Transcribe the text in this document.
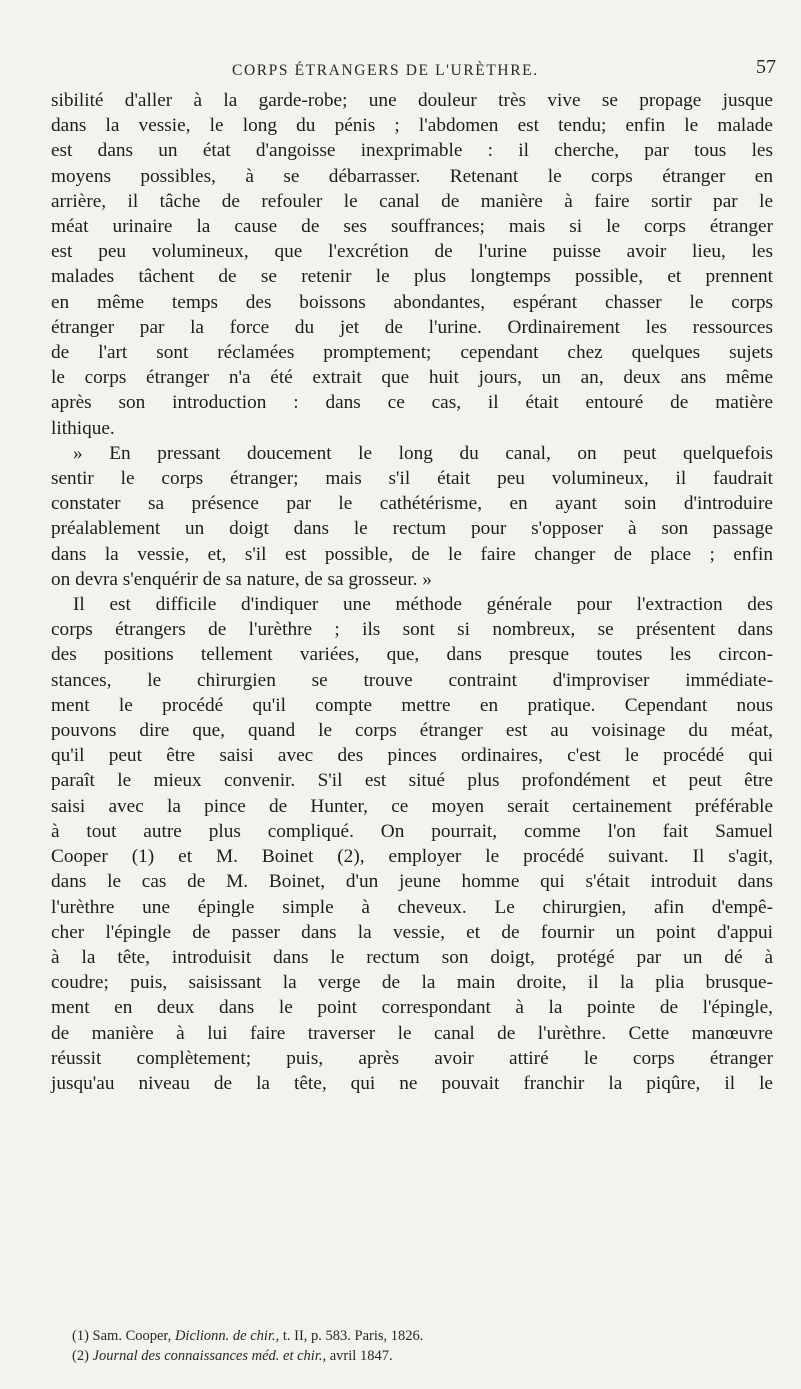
CORPS ÉTRANGERS DE L'URÈTHRE.	57
sibilité d'aller à la garde-robe; une douleur très vive se propage jusque
dans la vessie, le long du pénis ; l'abdomen est tendu; enfin le malade
est dans un état d'angoisse inexprimable : il cherche, par tous les
moyens possibles, à se débarrasser. Retenant le corps étranger en
arrière, il tâche de refouler le canal de manière à faire sortir par le
méat urinaire la cause de ses souffrances; mais si le corps étranger
est peu volumineux, que l'excrétion de l'urine puisse avoir lieu, les
malades tâchent de se retenir le plus longtemps possible, et prennent
en même temps des boissons abondantes, espérant chasser le corps
étranger par la force du jet de l'urine. Ordinairement les ressources
de l'art sont réclamées promptement; cependant chez quelques sujets
le corps étranger n'a été extrait que huit jours, un an, deux ans même
après son introduction : dans ce cas, il était entouré de matière
lithique.
» En pressant doucement le long du canal, on peut quelquefois
sentir le corps étranger; mais s'il était peu volumineux, il faudrait
constater sa présence par le cathétérisme, en ayant soin d'introduire
préalablement un doigt dans le rectum pour s'opposer à son passage
dans la vessie, et, s'il est possible, de le faire changer de place ; enfin
on devra s'enquérir de sa nature, de sa grosseur. »
Il est difficile d'indiquer une méthode générale pour l'extraction des
corps étrangers de l'urèthre ; ils sont si nombreux, se présentent dans
des positions tellement variées, que, dans presque toutes les circon-
stances, le chirurgien se trouve contraint d'improviser immédiate-
ment le procédé qu'il compte mettre en pratique. Cependant nous
pouvons dire que, quand le corps étranger est au voisinage du méat,
qu'il peut être saisi avec des pinces ordinaires, c'est le procédé qui
paraît le mieux convenir. S'il est situé plus profondément et peut être
saisi avec la pince de Hunter, ce moyen serait certainement préférable
à tout autre plus compliqué. On pourrait, comme l'on fait Samuel
Cooper (1) et M. Boinet (2), employer le procédé suivant. Il s'agit,
dans le cas de M. Boinet, d'un jeune homme qui s'était introduit dans
l'urèthre une épingle simple à cheveux. Le chirurgien, afin d'empê-
cher l'épingle de passer dans la vessie, et de fournir un point d'appui
à la tête, introduisit dans le rectum son doigt, protégé par un dé à
coudre; puis, saisissant la verge de la main droite, il la plia brusque-
ment en deux dans le point correspondant à la pointe de l'épingle,
de manière à lui faire traverser le canal de l'urèthre. Cette manœuvre
réussit complètement; puis, après avoir attiré le corps étranger
jusqu'au niveau de la tête, qui ne pouvait franchir la piqûre, il le
(1) Sam. Cooper, Diclionn. de chir., t. II, p. 583. Paris, 1826.
(2) Journal des connaissances méd. et chir., avril 1847.
